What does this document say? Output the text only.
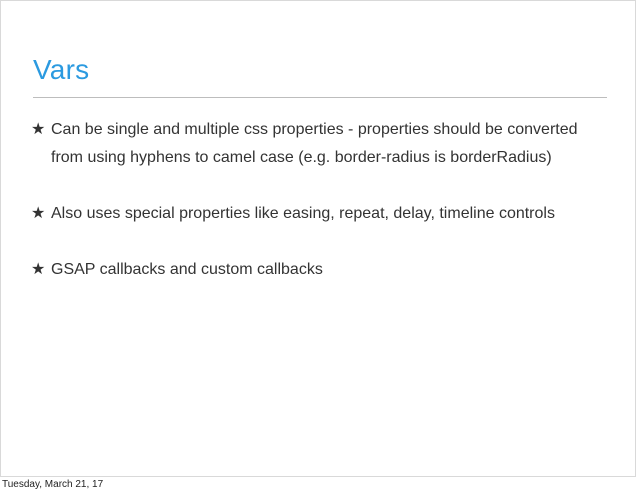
Vars
★ Can be single and multiple css properties - properties should be converted from using hyphens to camel case (e.g. border-radius is borderRadius)
★ Also uses special properties like easing, repeat, delay, timeline controls
★ GSAP callbacks and custom callbacks
Tuesday, March 21, 17
